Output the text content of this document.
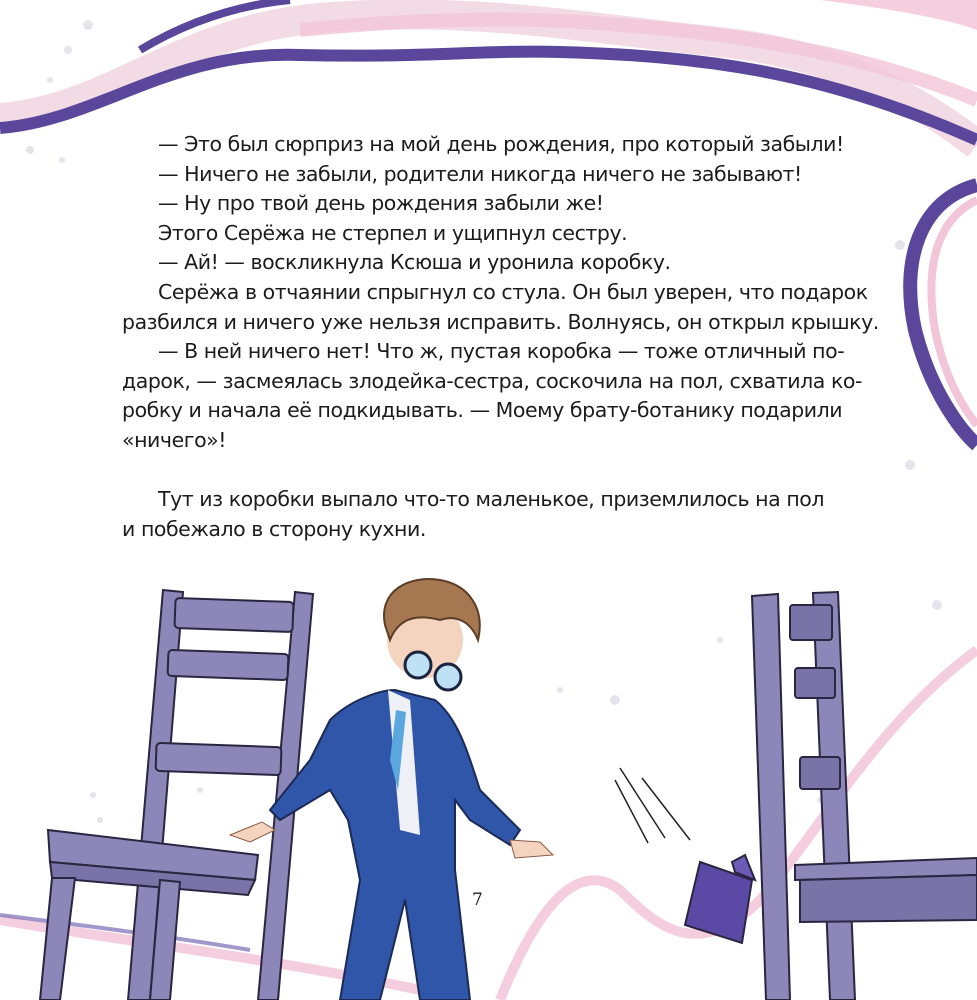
— Это был сюрприз на мой день рождения, про который забыли!

— Ничего не забыли, родители никогда ничего не забывают!

— Ну про твой день рождения забыли же!

Этого Серёжа не стерпел и ущипнул сестру.

— Ай! — воскликнула Ксюша и уронила коробку.

Серёжа в отчаянии спрыгнул со стула. Он был уверен, что подарок

разбился и ничего уже нельзя исправить. Волнуясь, он открыл крышку.

— В ней ничего нет! Что ж, пустая коробка — тоже отличный по-

дарок, — засмеялась злодейка-сестра, соскочила на пол, схватила ко-

робку и начала её подкидывать. — Моему брату-ботанику подарили

«ничего»!

Тут из коробки выпало что-то маленькое, приземлилось на пол

и побежало в сторону кухни.

7
